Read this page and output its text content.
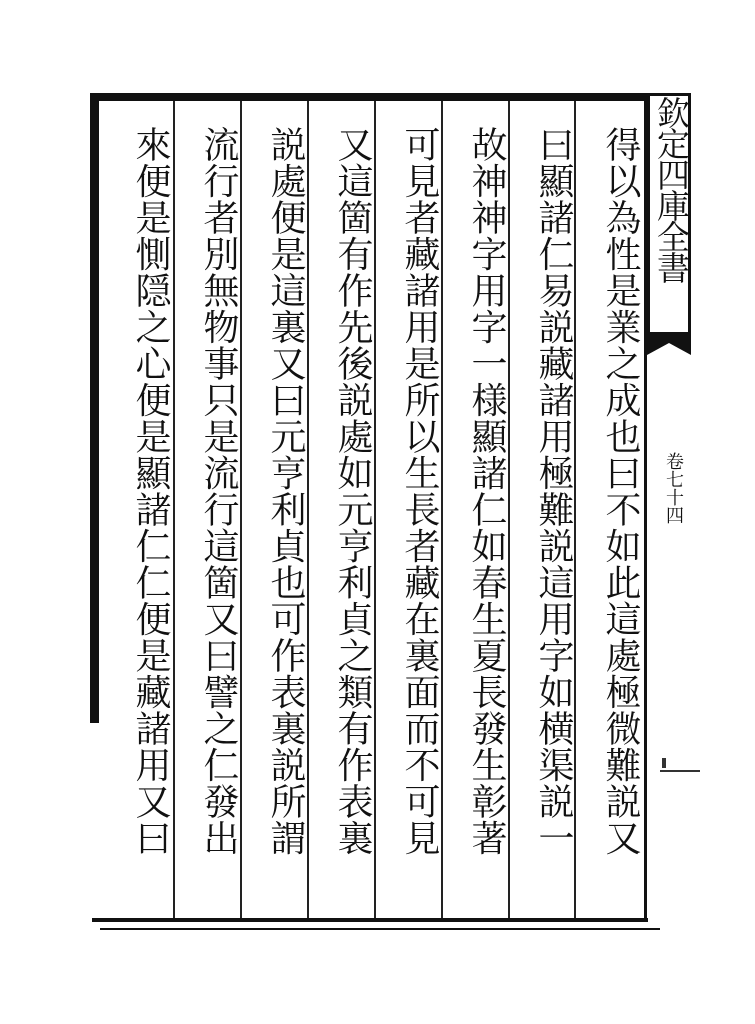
得以為性是業之成也曰不如此這處極微難説又
曰顯諸仁易説藏諸用極難説這用字如横渠説一
故神神字用字一様顯諸仁如春生夏長發生彰著
可見者藏諸用是所以生長者藏在裏面而不可見
又這箇有作先後説處如元亨利貞之類有作表裏
説處便是這裏又曰元亨利貞也可作表裏説所謂
流行者別無物事只是流行這箇又曰譬之仁發出
來便是惻隠之心便是顯諸仁仁便是藏諸用又曰	欽定四庫全書
卷七十四
